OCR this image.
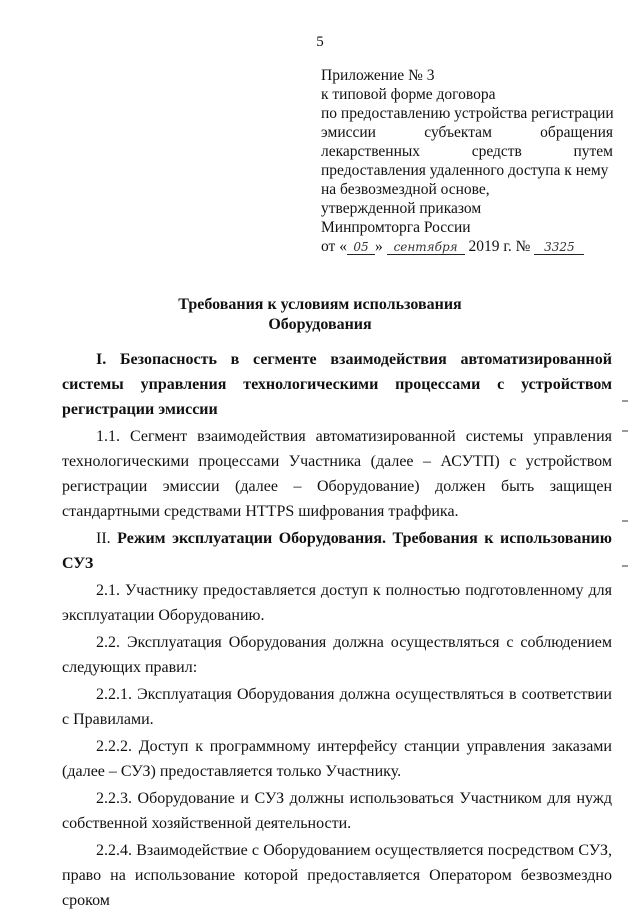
5
Приложение № 3
к типовой форме договора
по предоставлению устройства регистрации
эмиссии субъектам обращения
лекарственных средств путем
предоставления удаленного доступа к нему
на безвозмездной основе,
утвержденной приказом
Минпромторга России
от « 05 » сентября 2019 г. № 3325
Требования к условиям использования
Оборудования

I. Безопасность в сегменте взаимодействия автоматизированной системы управления технологическими процессами с устройством регистрации эмиссии

1.1. Сегмент взаимодействия автоматизированной системы управления технологическими процессами Участника (далее – АСУТП) с устройством регистрации эмиссии (далее – Оборудование) должен быть защищен стандартными средствами HTTPS шифрования траффика.

II. Режим эксплуатации Оборудования. Требования к использованию СУЗ

2.1. Участнику предоставляется доступ к полностью подготовленному для эксплуатации Оборудованию.

2.2. Эксплуатация Оборудования должна осуществляться с соблюдением следующих правил:

2.2.1. Эксплуатация Оборудования должна осуществляться в соответствии с Правилами.

2.2.2. Доступ к программному интерфейсу станции управления заказами (далее – СУЗ) предоставляется только Участнику.

2.2.3. Оборудование и СУЗ должны использоваться Участником для нужд собственной хозяйственной деятельности.

2.2.4. Взаимодействие с Оборудованием осуществляется посредством СУЗ, право на использование которой предоставляется Оператором безвозмездно сроком
